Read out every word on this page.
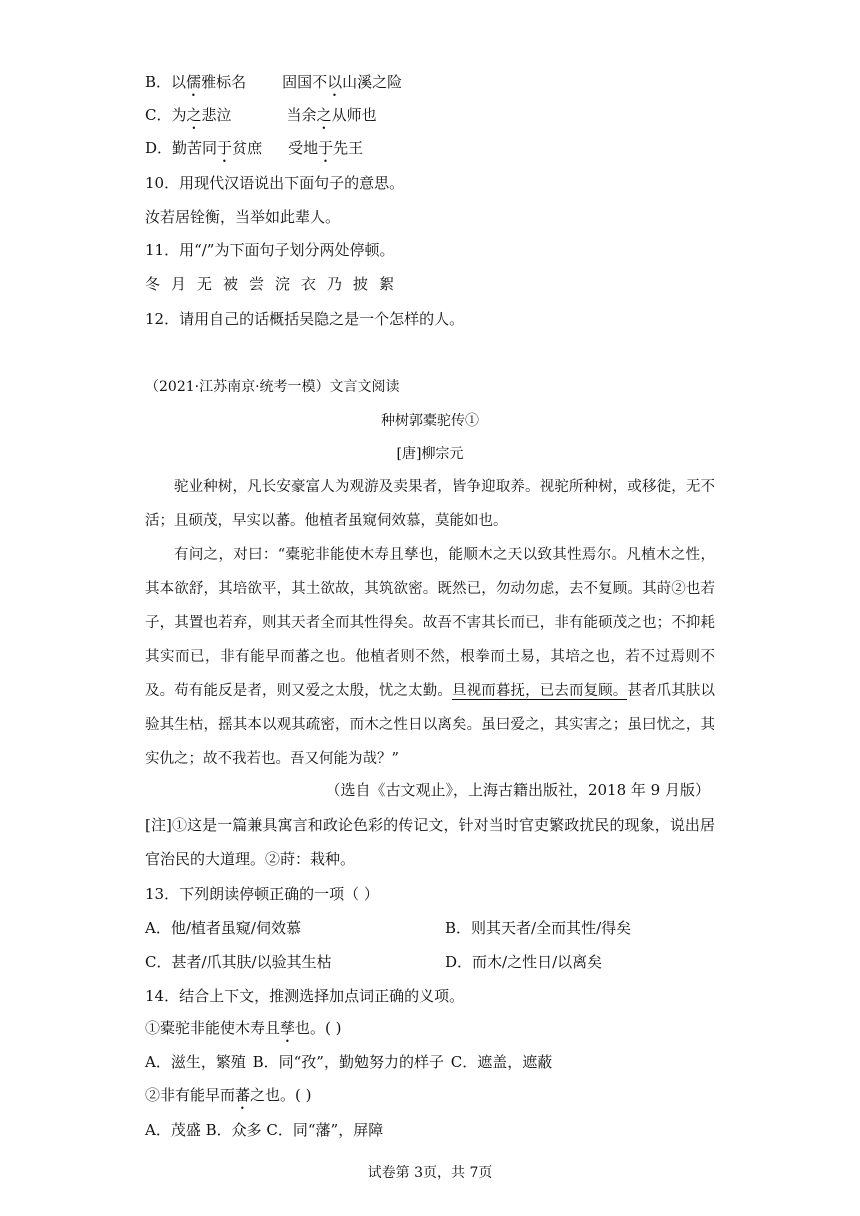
B．以儒雅标名 固国不以山溪之险
C．为之悲泣	当余之从师也
D．勤苦同于贫庶 受地于先王
10．用现代汉语说出下面句子的意思。
汝若居铨衡，当举如此辈人。
11．用“/”为下面句子划分两处停顿。
冬月无被尝浣衣乃披絮
12．请用自己的话概括吴隐之是一个怎样的人。
（2021·江苏南京·统考一模）文言文阅读
种树郭橐驼传①
[唐]柳宗元

驼业种树，凡长安豪富人为观游及卖果者，皆争迎取养。视驼所种树，或移徙，无不活；且硕茂，早实以蕃。他植者虽窥伺效慕，莫能如也。

有问之，对曰：“橐驼非能使木寿且孳也，能顺木之天以致其性焉尔。凡植木之性，其本欲舒，其培欲平，其土欲故，其筑欲密。既然已，勿动勿虑，去不复顾。其莳②也若子，其置也若弃，则其天者全而其性得矣。故吾不害其长而已，非有能硕茂之也；不抑耗其实而已，非有能早而蕃之也。他植者则不然，根拳而土易，其培之也，若不过焉则不及。苟有能反是者，则又爱之太殷，忧之太勤。旦视而暮抚，已去而复顾。甚者爪其肤以验其生枯，摇其本以观其疏密，而木之性日以离矣。虽曰爱之，其实害之；虽曰忧之，其实仇之；故不我若也。吾又何能为哉？”

（选自《古文观止》，上海古籍出版社，2018 年 9 月版）
[注]①这是一篇兼具寓言和政论色彩的传记文，针对当时官吏繁政扰民的现象，说出居官治民的大道理。②莳：栽种。
13．下列朗读停顿正确的一项（ ）
A．他/植者虽窥/伺效慕	B．则其天者/全而其性/得矣
C．甚者/爪其肤/以验其生枯	D．而木/之性日/以离矣
14．结合上下文，推测选择加点词正确的义项。
①橐驼非能使木寿且孳也。( )
A．滋生，繁殖 B．同“孜”，勤勉努力的样子 C．遮盖，遮蔽
②非有能早而蕃之也。( )
A．茂盛 B．众多 C．同“藩”，屏障
试卷第 3页，共 7页
